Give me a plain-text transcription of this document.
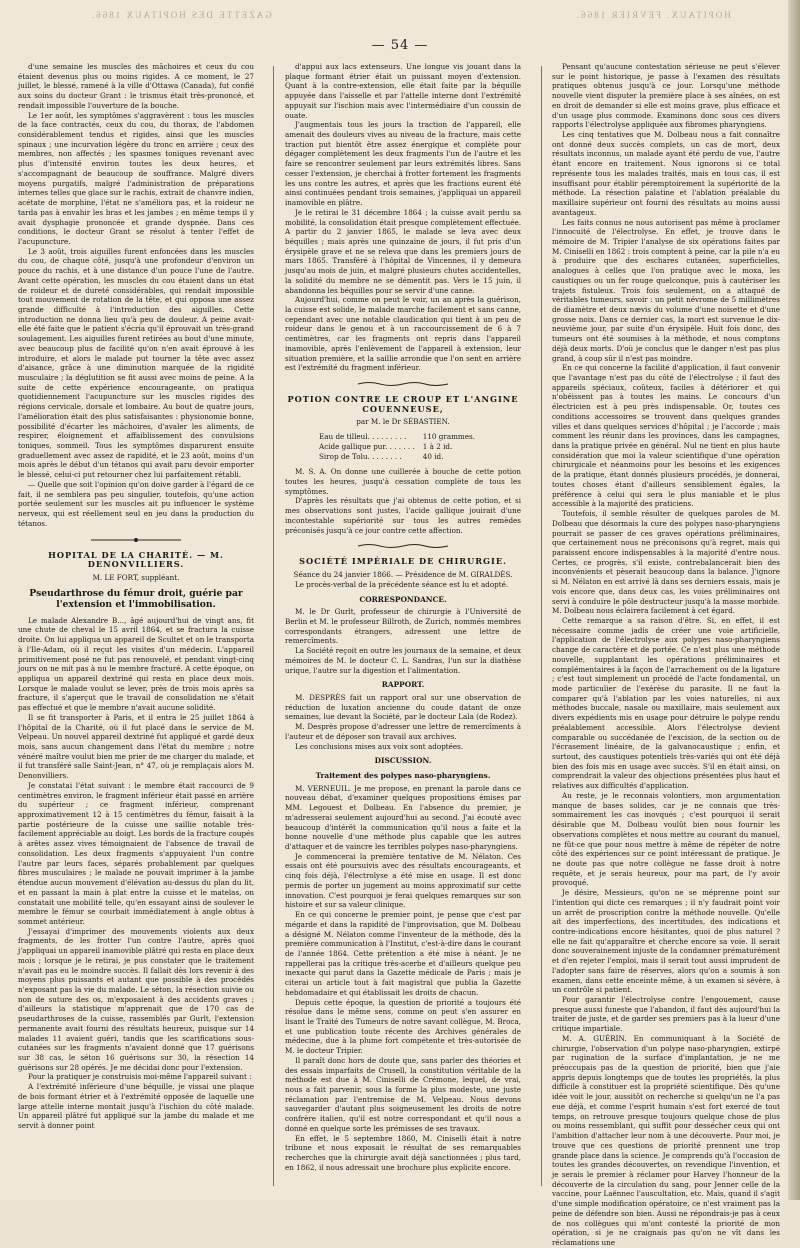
GAZETTE DES HOPITAUX 1866.	HOPITAUX. FEVRIER 1866.
— 54 —

d'une semaine les muscles des mâchoires et ceux du cou étaient devenus plus ou moins rigides. A ce moment, le 27 juillet, le blessé, ramené à la ville d'Ottawa (Canada), fut confié aux soins du docteur Grant : le trismus était très-prononcé, et rendait impossible l'ouverture de la bouche.

Le 1er août, les symptômes s'aggravèrent : tous les muscles de la face contractés, ceux du cou, du thorax, de l'abdomen considérablement tendus et rigides, ainsi que les muscles spinaux ; une incurvation légère du tronc en arrière ; ceux des membres, non affectés ; les spasmes toniques revenant avec plus d'intensité environ toutes les deux heures, et s'accompagnant de beaucoup de souffrance. Malgré divers moyens purgatifs, malgré l'administration de préparations internes telles que glace sur le rachis, extrait de chanvre indien, acétate de morphine, l'état ne s'améliora pas, et la roideur ne tarda pas à envahir les bras et les jambes ; en même temps il y avait dysphagie prononcée et grande dyspnée. Dans ces conditions, le docteur Grant se résolut à tenter l'effet de l'acupuncture.

Le 3 août, trois aiguilles furent enfoncées dans les muscles du cou, de chaque côté, jusqu'à une profondeur d'environ un pouce du rachis, et à une distance d'un pouce l'une de l'autre. Avant cette opération, les muscles du cou étaient dans un état de roideur et de dureté considérables, qui rendait impossible tout mouvement de rotation de la tête, et qui opposa une assez grande difficulté à l'introduction des aiguilles. Cette introduction ne donna lieu qu'à peu de douleur. A peine avait-elle été faite que le patient s'écria qu'il éprouvait un très-grand soulagement. Les aiguilles furent retirées au bout d'une minute, avec beaucoup plus de facilité qu'on n'en avait éprouvé à les introduire, et alors le malade put tourner la tête avec assez d'aisance, grâce à une diminution marquée de la rigidité musculaire ; la déglutition se fit aussi avec moins de peine. A la suite de cette expérience encourageante, on pratiqua quotidiennement l'acupuncture sur les muscles rigides des régions cervicale, dorsale et lombaire. Au bout de quatre jours, l'amélioration était des plus satisfaisantes : physionomie bonne, possibilité d'écarter les mâchoires, d'avaler les aliments, de respirer, éloignement et affaiblissement des convulsions toniques, sommeil. Tous les symptômes disparurent ensuite graduellement avec assez de rapidité, et le 23 août, moins d'un mois après le début d'un tétanos qui avait paru devoir emporter le blessé, celui-ci put retourner chez lui parfaitement rétabli.

— Quelle que soit l'opinion qu'on doive garder à l'égard de ce fait, il ne semblera pas peu singulier, toutefois, qu'une action portée seulement sur les muscles ait pu influencer le système nerveux, qui est réellement seul en jeu dans la production du tétanos.

HOPITAL DE LA CHARITÉ. — M. DENONVILLIERS.
M. LE FORT, suppléant.
Pseudarthrose du fémur droit, guérie par l'extension et l'immobilisation.

Le malade Alexandre B..., âgé aujourd'hui de vingt ans, fit une chute de cheval le 15 avril 1864, et se fractura la cuisse droite. On lui appliqua un appareil de Scultet et on le transporta à l'Ile-Adam, où il reçut les visites d'un médecin. L'appareil primitivement posé ne fut pas renouvelé, et pendant vingt-cinq jours on ne mit pas à nu le membre fracturé. A cette époque, on appliqua un appareil dextriné qui resta en place deux mois. Lorsque le malade voulut se lever, près de trois mois après sa fracture, il s'aperçut que le travail de consolidation ne s'était pas effectué et que le membre n'avait aucune solidité.

Il se fit transporter à Paris, et il entra le 25 juillet 1864 à l'hôpital de la Charité, où il fut placé dans le service de M. Velpeau. Un nouvel appareil dextriné fut appliqué et gardé deux mois, sans aucun changement dans l'état du membre ; notre vénéré maître voulut bien me prier de me charger du malade, et il fut transféré salle Saint-Jean, n° 47, où je remplaçais alors M. Denonvilliers.

Je constatai l'état suivant : le membre était raccourci de 9 centimètres environ, le fragment inférieur était passé en arrière du supérieur ; ce fragment inférieur, comprenant approximativement 12 à 15 centimètres du fémur, faisait à la partie postérieure de la cuisse une saillie notable très-facilement appréciable au doigt. Les bords de la fracture coupés à arêtes assez vives témoignaient de l'absence de travail de consolidation. Les deux fragments s'appuyaient l'un contre l'autre par leurs faces, séparés probablement par quelques fibres musculaires ; le malade ne pouvait imprimer à la jambe étendue aucun mouvement d'élévation au-dessus du plan du lit, et en passant la main à plat entre la cuisse et le matelas, on constatait une mobilité telle, qu'en essayant ainsi de soulever le membre le fémur se courbait immédiatement à angle obtus à sommet antérieur.

J'essayai d'imprimer des mouvements violents aux deux fragments, de les frotter l'un contre l'autre, après quoi j'appliquai un appareil inamovible plâtré qui resta en place deux mois ; lorsque je le retirai, je pus constater que le traitement n'avait pas eu le moindre succès. Il fallait dès lors revenir à des moyens plus puissants et autant que possible à des procédés n'exposant pas la vie du malade. Le séton, la résection suivie ou non de suture des os, m'exposaient à des accidents graves ; d'ailleurs la statistique m'apprenait que de 170 cas de pseudarthroses de la cuisse, rassemblés par Gurlt, l'extension permanente avait fourni des résultats heureux, puisque sur 14 malades 11 avaient guéri, tandis que les scarifications sous-cutanées sur les fragments n'avaient donné que 17 guérisons sur 38 cas, le séton 16 guérisons sur 30, la résection 14 guérisons sur 28 opérés. Je me décidai donc pour l'extension.

Pour la pratiquer je construisis moi-même l'appareil suivant :

A l'extrémité inférieure d'une béquille, je vissai une plaque de bois formant étrier et à l'extrémité opposée de laquelle une large attelle interne montait jusqu'à l'ischion du côté malade. Un appareil plâtré fut appliqué sur la jambe du malade et me servit à donner point

d'appui aux lacs extenseurs. Une longue vis jouant dans la plaque formant étrier était un puissant moyen d'extension. Quant à la contre-extension, elle était faite par la béquille appuyée dans l'aisselle et par l'attelle interne dont l'extrémité appuyait sur l'ischion mais avec l'intermédiaire d'un coussin de ouate.

J'augmentais tous les jours la traction de l'appareil, elle amenait des douleurs vives au niveau de la fracture, mais cette traction put bientôt être assez énergique et complète pour dégager complètement les deux fragments l'un de l'autre et les faire se rencontrer seulement par leurs extrémités libres. Sans cesser l'extension, je cherchai à frotter fortement les fragments les uns contre les autres, et après que les fractions eurent été ainsi continuées pendant trois semaines, j'appliquai un appareil inamovible en plâtre.

Je le retirai le 31 décembre 1864 ; la cuisse avait perdu sa mobilité, la consolidation était presque complètement effectuée. A partir du 2 janvier 1865, le malade se leva avec deux béquilles ; mais après une quinzaine de jours, il fut pris d'un érysipèle grave et ne se releva que dans les premiers jours de mars 1865. Transféré à l'hôpital de Vincennes, il y demeura jusqu'au mois de juin, et malgré plusieurs chutes accidentelles, la solidité du membre ne se démentit pas. Vers le 15 juin, il abandonna les béquilles pour se servir d'une canne.

Aujourd'hui, comme on peut le voir, un an après la guérison, la cuisse est solide, le malade marche facilement et sans canne, cependant avec une notable claudication qui tient à un peu de roideur dans le genou et à un raccourcissement de 6 à 7 centimètres, car les fragments ont repris dans l'appareil inamovible, après l'enlèvement de l'appareil à extension, leur situation première, et la saillie arrondie que l'on sent en arrière est l'extrémité du fragment inférieur.

POTION CONTRE LE CROUP ET L'ANGINE COUENNEUSE,
par M. le Dr SÉBASTIEN.
Eau de tilleul. . . . . . . . .	110 grammes.
Acide gallique pur. . . . . . .	1 à 2 id.
Sirop de Tolu. . . . . . . .	40 id.

M. S. A. On donne une cuillerée à bouche de cette potion toutes les heures, jusqu'à cessation complète de tous les symptômes.

D'après les résultats que j'ai obtenus de cette potion, et si mes observations sont justes, l'acide gallique jouirait d'une incontestable supériorité sur tous les autres remèdes préconisés jusqu'à ce jour contre cette affection.

SOCIÉTÉ IMPÉRIALE DE CHIRURGIE.
Séance du 24 janvier 1866. — Présidence de M. GIRALDÈS.

Le procès-verbal de la précédente séance est lu et adopté.

CORRESPONDANCE.

M. le Dr Gurlt, professeur de chirurgie à l'Université de Berlin et M. le professeur Billroth, de Zurich, nommés membres correspondants étrangers, adressent une lettre de remercîments.

La Société reçoit en outre les journaux de la semaine, et deux mémoires de M. le docteur C. L. Sandras, l'un sur la diathèse urique, l'autre sur la digestion et l'alimentation.

RAPPORT.

M. DESPRÈS fait un rapport oral sur une observation de réduction de luxation ancienne du coude datant de onze semaines, lue devant la Société, par le docteur Lala (de Rodez).

M. Desprès propose d'adresser une lettre de remercîments à l'auteur et de déposer son travail aux archives.

Les conclusions mises aux voix sont adoptées.

DISCUSSION.
Traitement des polypes naso-pharyngiens.

M. VERNEUIL. Je me propose, en prenant la parole dans ce nouveau débat, d'examiner quelques propositions émises par MM. Legouest et Dolbeau. En l'absence du premier, je m'adresserai seulement aujourd'hui au second. J'ai écouté avec beaucoup d'intérêt la communication qu'il nous a faite et la bonne nouvelle d'une méthode plus capable que les autres d'attaquer et de vaincre les terribles polypes naso-pharyngiens.

Je commencerai la première tentative de M. Nélaton. Ces essais ont été poursuivis avec des résultats encourageants, et cinq fois déjà, l'électrolyse a été mise en usage. Il est donc permis de porter un jugement au moins approximatif sur cette innovation. C'est pourquoi je ferai quelques remarques sur son histoire et sur sa valeur clinique.

En ce qui concerne le premier point, je pense que c'est par mégarde et dans la rapidité de l'improvisation, que M. Dolbeau a désigné M. Nélaton comme l'inventeur de la méthode, dès la première communication à l'Institut, c'est-à-dire dans le courant de l'année 1864. Cette prétention a été mise à néant. Je ne rappellerai pas la critique très-acerbe et d'ailleurs quelque peu inexacte qui parut dans la Gazette médicale de Paris ; mais je citerai un article tout à fait magistral que publia la Gazette hebdomadaire et qui établissait les droits de chacun.

Depuis cette époque, la question de priorité a toujours été résolue dans le même sens, comme on peut s'en assurer en lisant le Traité des Tumeurs de notre savant collègue, M. Broca, et une publication toute récente des Archives générales de médecine, due à la plume fort compétente et très-autorisée de M. le docteur Tripier.

Il paraît donc hors de doute que, sans parler des théories et des essais imparfaits de Crusell, la constitution véritable de la méthode est due à M. Ciniselli de Crémone, lequel, de vrai, nous a fait parvenir, sous la forme la plus modeste, une juste réclamation par l'entremise de M. Velpeau. Nous devons sauvegarder d'autant plus soigneusement les droits de notre confrère italien, qu'il est notre correspondant et qu'il nous a donné en quelque sorte les prémisses de ses travaux.

En effet, le 5 septembre 1860, M. Ciniselli était à notre tribune et nous exposait le résultat de ses remarquables recherches que la chirurgie avait déjà sanctionnées ; plus tard, en 1862, il nous adressait une brochure plus explicite encore.

Pensant qu'aucune contestation sérieuse ne peut s'élever sur le point historique, je passe à l'examen des résultats pratiques obtenus jusqu'à ce jour. Lorsqu'une méthode nouvelle vient disputer la première place à ses aînées, on est en droit de demander si elle est moins grave, plus efficace et d'un usage plus commode. Examinons donc sous ces divers rapports l'électrolyse appliquée aux fibromes pharyngiens.

Les cinq tentatives que M. Dolbeau nous a fait connaître ont donné deux succès complets, un cas de mort, deux résultats inconnus, un malade ayant été perdu de vue, l'autre étant encore en traitement. Nous ignorons si ce total représente tous les malades traités, mais en tous cas, il est insuffisant pour établir péremptoirement la supériorité de la méthode. La résection palatine et l'ablation préalable du maxillaire supérieur ont fourni des résultats au moins aussi avantageux.

Les faits connus ne nous autorisent pas même à proclamer l'innocuité de l'électrolyse. En effet, je trouve dans le mémoire de M. Tripier l'analyse de six opérations faites par M. Ciniselli en 1862 : trois comptent à peine, car la pile n'a eu à produire que des eschares cutanées, superficielles, analogues à celles que l'on pratique avec le moxa, les caustiques ou un fer rouge quelconque, puis à cautériser les trajets fistuleux. Trois fois seulement, on a attaqué de véritables tumeurs, savoir : un petit névrome de 5 millimètres de diamètre et deux nævis du volume d'une noisette et d'une grosse noix. Dans ce dernier cas, la mort est survenue le dix-neuvième jour, par suite d'un érysipèle. Huit fois donc, des tumeurs ont été soumises à la méthode, et nous comptons déjà deux morts. D'où je conclus que le danger n'est pas plus grand, à coup sûr il n'est pas moindre.

En ce qui concerne la facilité d'application, il faut convenir que l'avantage n'est pas du côté de l'électrolyse ; il faut des appareils spéciaux, coûteux, faciles à détériorer et qui n'obéissent pas à toutes les mains. Le concours d'un électricien est à peu près indispensable. Or, toutes ces conditions accessoires se trouvent dans quelques grandes villes et dans quelques services d'hôpital ; je l'accorde ; mais comment les réunir dans les provinces, dans les campagnes, dans la pratique privée en général. Nul ne tient en plus haute considération que moi la valeur scientifique d'une opération chirurgicale et néanmoins pour les besoins et les exigences de la pratique, étant donnés plusieurs procédés, je donnerai, toutes choses étant d'ailleurs sensiblement égales, la préférence à celui qui sera le plus maniable et le plus accessible à la majorité des praticiens.

Toutefois, il semble résulter de quelques paroles de M. Dolbeau que désormais la cure des polypes naso-pharyngiens pourrait se passer de ces graves opérations préliminaires, que certainement nous ne préconisons qu'à regret, mais qui paraissent encore indispensables à la majorité d'entre nous. Certes, ce progrès, s'il existe, contrebalancerait bien des inconvénients et pèserait beaucoup dans la balance. J'ignore si M. Nélaton en est arrivé là dans ses derniers essais, mais je vois encore que, dans deux cas, les voies préliminaires ont servi à conduire le pôle destructeur jusqu'à la masse morbide. M. Dolbeau nous éclairera facilement à cet égard.

Cette remarque a sa raison d'être. Si, en effet, il est nécessaire comme jadis de créer une voie artificielle, l'application de l'électrolyse aux polypes naso-pharyngiens change de caractère et de portée. Ce n'est plus une méthode nouvelle, supplantant les opérations préliminaires et complémentaires à la façon de l'arrachement ou de la ligature ; c'est tout simplement un procédé de l'acte fondamental, un mode particulier de l'exérèse du parasite. Il ne faut la comparer qu'à l'ablation par les voies naturelles, ni aux méthodes buccale, nasale ou maxillaire, mais seulement aux divers expédients mis en usage pour détruire le polype rendu préalablement accessible. Alors l'électrolyse devient comparable ou succédanée de l'excision, de la section ou de l'écrasement linéaire, de la galvanocaustique ; enfin, et surtout, des caustiques potentiels très-variés qui ont été déjà bien des fois mis en usage avec succès. S'il en était ainsi, on comprendrait la valeur des objections présentées plus haut et relatives aux difficultés d'application.

Au reste, je le reconnais volontiers, mon argumentation manque de bases solides, car je ne connais que très-sommairement les cas inovqués ; c'est pourquoi il serait désirable que M. Dolbeau voulût bien nous fournir les observations complètes et nous mettre au courant du manuel, ne fût-ce que pour nous mettre à même de répéter de notre côté des expériences sur ce point intéressant de pratique. Je ne doute pas que notre collègue ne fasse droit à notre requête, et je serais heureux, pour ma part, de l'y avoir provoqué.

Je désire, Messieurs, qu'on ne se méprenne point sur l'intention qui dicte ces remarques ; il n'y faudrait point voir un arrêt de proscription contre la méthode nouvelle. Qu'elle ait des imperfections, des incertitudes, des indications et contre-indications encore hésitantes, quoi de plus naturel ? elle ne fait qu'apparaître et cherche encore sa voie. Il serait donc souverainement injuste de la condamner prématurément et d'en rejeter l'emploi, mais il serait tout aussi imprudent de l'adopter sans faire de réserves, alors qu'on a soumis à son examen, dans cette enceinte même, à un examen si sévère, à un contrôle si patient.

Pour garantir l'électrolyse contre l'engouement, cause presque aussi funeste que l'abandon, il faut dès aujourd'hui la traiter de juste, et de garder ses premiers pas à la lueur d'une critique impartiale.

M. A. GUÉRIN. En communiquant à la Société de chirurgie, l'observation d'un polype naso-pharyngien, extirpé par rugination de la surface d'implantation, je ne me préoccupais pas de la question de priorité, bien que j'aie appris depuis longtemps que de toutes les propriétés, la plus difficile à constituer est la propriété scientifique. Dès qu'une idée voit le jour, aussitôt on recherche si quelqu'un ne l'a pas eue déjà, et comme l'esprit humain s'est fort exercé de tout temps, on retrouve presque toujours quelque chose de plus ou moins ressemblant, qui suffit pour dessécher ceux qui ont l'ambition d'attacher leur nom à une découverte. Pour moi, je trouve que ces questions de priorité prennent une trop grande place dans la science. Je comprends qu'à l'occasion de toutes les grandes découvertes, on revendique l'invention, et je serais le premier à réclamer pour Harvey l'honneur de la découverte de la circulation du sang, pour Jenner celle de la vaccine, pour Laënnec l'auscultation, etc. Mais, quand il s'agit d'une simple modification opératoire, ce n'est vraiment pas la peine de défendre son bien. Aussi ne répondrais-je pas à ceux de nos collègues qui m'ont contesté la priorité de mon opération, si je ne craignais pas qu'on ne vît dans les réclamations une
